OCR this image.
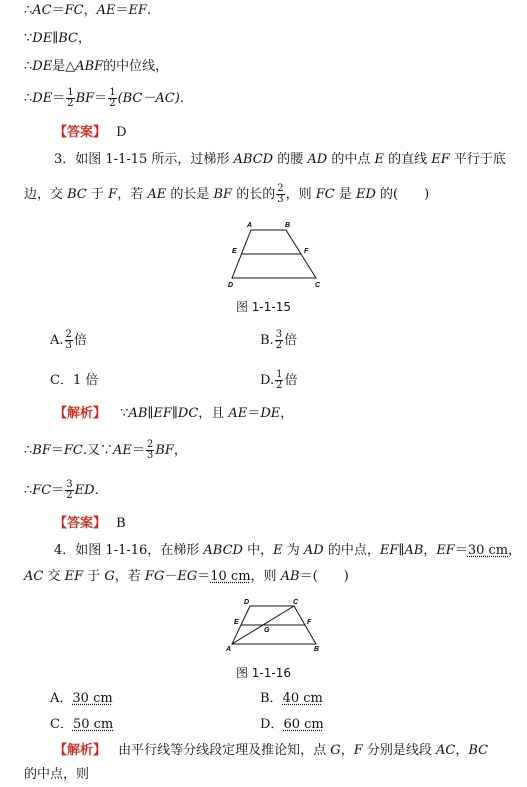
∴AC＝FC，AE＝EF.
∵DE∥BC，
∴DE是△ABF的中位线，
∴DE＝ $\frac{1}{2} BF= \frac{1}{2} (BC-AC)$.
【答案】 D
3．如图 1-1-15 所示，过梯形 ABCD 的腰 AD 的中点 E 的直线 EF 平行于底
边，交 BC 于 F，若 AE 的长是 BF 的长的 $\frac{2}{3}$ ，则 FC 是 ED 的(　　)
A	B
E	F
D	C
图 1-1-15
A. $\frac{2}{3}$ 倍	B. $\frac{3}{2}$ 倍
C．1 倍	D. $\frac{1}{2}$ 倍
【解析】 ∵AB∥EF∥DC，且 AE＝DE，
∴BF＝FC.又∵AE＝ $\frac{2}{3}$ BF，
∴FC＝ $\frac{3}{2}$ ED.
【答案】 B
4．如图 1-1-16，在梯形 ABCD 中，E 为 AD 的中点，EF∥AB，EF＝30 cm，
AC 交 EF 于 G，若 FG－EG＝10 cm，则 AB＝(　　)
D	C
E
G
F
A	B
图 1-1-16
A．30 cm	B．40 cm
C．50 cm	D．60 cm
【解析】 由平行线等分线段定理及推论知，点 G，F 分别是线段 AC，BC
的中点，则
